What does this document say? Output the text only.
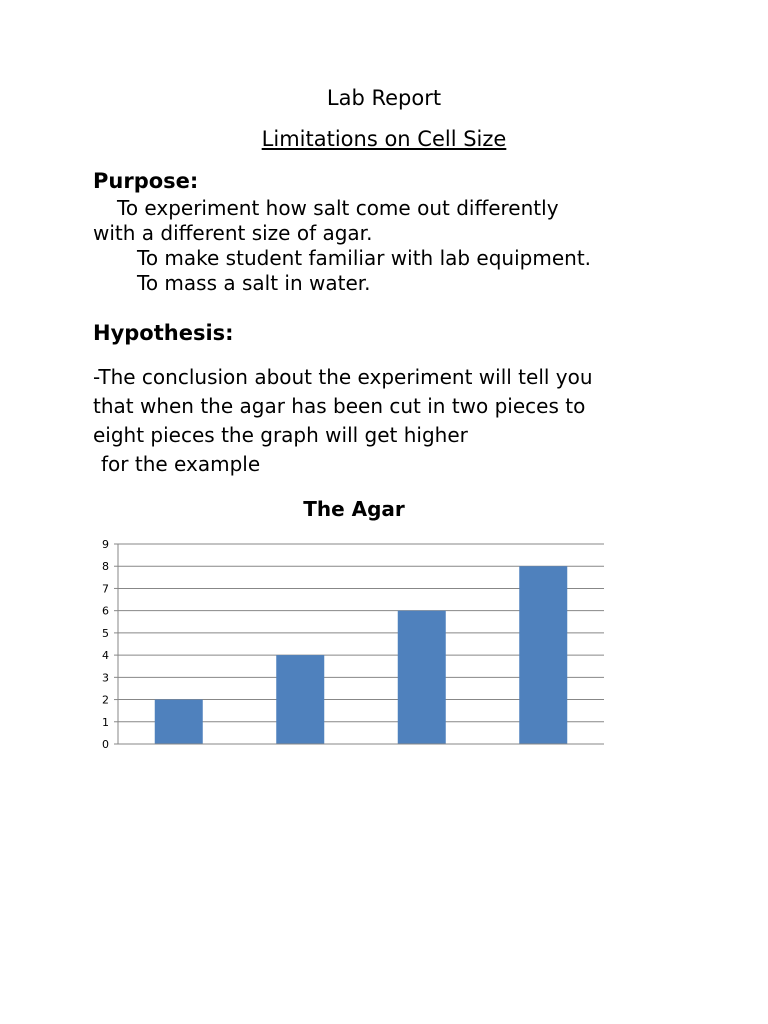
Lab Report
Limitations on Cell Size
Purpose:
To experiment how salt come out differently
with a different size of agar.
To make student familiar with lab equipment.
To mass a salt in water.
Hypothesis:
-The conclusion about the experiment will tell you
that when the agar has been cut in two pieces to
eight pieces the graph will get higher
for the example
The Agar
0
1
2
3
4
5
6
7
8
9
